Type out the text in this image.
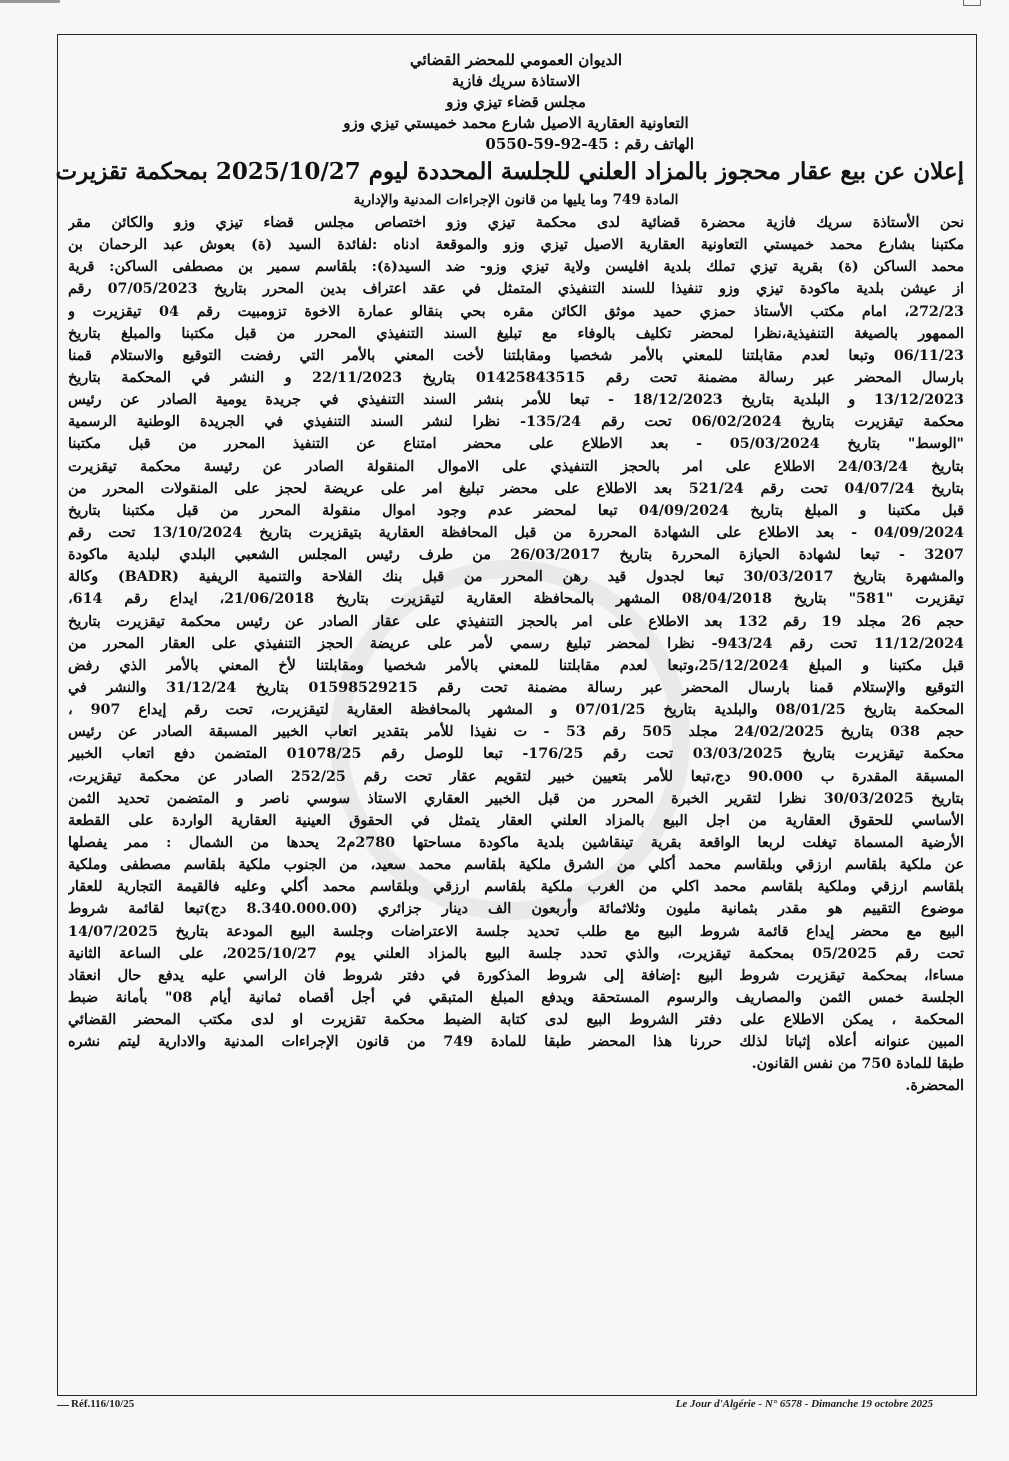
الديوان العمومي للمحضر القضائي

الاستاذة سريك فازية

مجلس قضاء تيزي وزو

التعاونية العقارية الاصيل شارع محمد خميستي تيزي وزو

الهاتف رقم : 45-92-59-0550
إعلان عن بيع عقار محجوز بالمزاد العلني للجلسة المحددة ليوم 2025/10/27 بمحكمة تقزيرت
المادة 749 وما يليها من قانون الإجراءات المدنية والإدارية
نحن الأستاذة سريك فازية محضرة قضائية لدى محكمة تيزي وزو اختصاص مجلس قضاء تيزي وزو والكائن مقر
مكتبنا بشارع محمد خميستي التعاونية العقارية الاصيل تيزي وزو والموقعة ادناه :لفائدة السيد (ة) بعوش عبد الرحمان بن
محمد الساكن (ة) بقرية تيزي تملك بلدية افليسن ولاية تيزي وزو- ضد السيد(ة): بلقاسم سمير بن مصطفى الساكن: قرية
از عيشن بلدية ماكودة تيزي وزو تنفيذا للسند التنفيذي المتمثل في عقد اعتراف بدين المحرر بتاريخ 07/05/2023 رقم
272/23، امام مكتب الأستاذ حمزي حميد موثق الكائن مقره بحي بنقالو عمارة الاخوة تزومبيت رقم 04 تيقزيرت و
الممهور بالصيغة التنفيذية،نظرا لمحضر تكليف بالوفاء مع تبليغ السند التنفيذي المحرر من قبل مكتبنا والمبلغ بتاريخ
06/11/23 وتبعا لعدم مقابلتنا للمعني بالأمر شخصيا ومقابلتنا لأخت المعني بالأمر التي رفضت التوقيع والاستلام قمنا
بارسال المحضر عبر رسالة مضمنة تحت رقم 01425843515 بتاريخ 22/11/2023 و النشر في المحكمة بتاريخ
13/12/2023 و البلدية بتاريخ 18/12/2023 - تبعا للأمر بنشر السند التنفيذي في جريدة يومية الصادر عن رئيس
محكمة تيقزيرت بتاريخ 06/02/2024 تحت رقم 135/24- نظرا لنشر السند التنفيذي في الجريدة الوطنية الرسمية
"الوسط" بتاريخ 05/03/2024 - بعد الاطلاع على محضر امتناع عن التنفيذ المحرر من قبل مكتبنا
بتاريخ 24/03/24 الاطلاع على امر بالحجز التنفيذي على الاموال المنقولة الصادر عن رئيسة محكمة تيقزيرت
بتاريخ 04/07/24 تحت رقم 521/24 بعد الاطلاع على محضر تبليغ امر على عريضة لحجز على المنقولات المحرر من
قبل مكتبنا و المبلغ بتاريخ 04/09/2024 تبعا لمحضر عدم وجود اموال منقولة المحرر من قبل مكتبنا بتاريخ
04/09/2024 - بعد الاطلاع على الشهادة المحررة من قبل المحافظة العقارية بتيقزيرت بتاريخ 13/10/2024 تحت رقم
3207 - تبعا لشهادة الحيازة المحررة بتاريخ 26/03/2017 من طرف رئيس المجلس الشعبي البلدي لبلدية ماكودة
والمشهرة بتاريخ 30/03/2017 تبعا لجدول قيد رهن المحرر من قبل بنك الفلاحة والتنمية الريفية (BADR) وكالة
تيقزيرت "581" بتاريخ 08/04/2018 المشهر بالمحافظة العقارية لتيقزيرت بتاريخ 21/06/2018، ايداع رقم 614،
حجم 26 مجلد 19 رقم 132 بعد الاطلاع على امر بالحجز التنفيذي على عقار الصادر عن رئيس محكمة تيقزيرت بتاريخ
11/12/2024 تحت رقم 943/24- نظرا لمحضر تبليغ رسمي لأمر على عريضة الحجز التنفيذي على العقار المحرر من
قبل مكتبنا و المبلغ 25/12/2024،وتبعا لعدم مقابلتنا للمعني بالأمر شخصيا ومقابلتنا لأخ المعني بالأمر الذي رفض
التوقيع والإستلام قمنا بارسال المحضر عبر رسالة مضمنة تحت رقم 01598529215 بتاريخ 31/12/24 والنشر في
المحكمة بتاريخ 08/01/25 والبلدية بتاريخ 07/01/25 و المشهر بالمحافظة العقارية لتيقزيرت، تحت رقم إيداع 907 ،
حجم 038 بتاريخ 24/02/2025 مجلد 505 رقم 53 - ت نفيذا للأمر بتقدير اتعاب الخبير المسبقة الصادر عن رئيس
محكمة تيقزيرت بتاريخ 03/03/2025 تحت رقم 176/25- تبعا للوصل رقم 01078/25 المتضمن دفع اتعاب الخبير
المسبقة المقدرة ب 90.000 دج،تبعا للأمر بتعيين خبير لتقويم عقار تحت رقم 252/25 الصادر عن محكمة تيقزيرت،
بتاريخ 30/03/2025 نظرا لتقرير الخبرة المحرر من قبل الخبير العقاري الاستاذ سوسي ناصر و المتضمن تحديد الثمن
الأساسي للحقوق العقارية من اجل البيع بالمزاد العلني العقار يتمثل في الحقوق العينية العقارية الواردة على القطعة
الأرضية المسماة تيغلت لربعا الواقعة بقرية تينقاشين بلدية ماكودة مساحتها 2780م2 يحدها من الشمال : ممر يفصلها
عن ملكية بلقاسم ارزقي وبلقاسم محمد أكلي من الشرق ملكية بلقاسم محمد سعيد، من الجنوب ملكية بلقاسم مصطفى وملكية
بلقاسم ارزقي وملكية بلقاسم محمد اكلي من الغرب ملكية بلقاسم ارزقي وبلقاسم محمد أكلي وعليه فالقيمة التجارية للعقار
موضوع التقييم هو مقدر بثمانية مليون وثلاثمائة وأربعون الف دينار جزائري (8.340.000.00 دج)تبعا لقائمة شروط
البيع مع محضر إيداع قائمة شروط البيع مع طلب تحديد جلسة الاعتراضات وجلسة البيع المودعة بتاريخ 14/07/2025
تحت رقم 05/2025 بمحكمة تيقزيرت، والذي تحدد جلسة البيع بالمزاد العلني يوم 2025/10/27، على الساعة الثانية
مساءا، بمحكمة تيقزيرت شروط البيع :إضافة إلى شروط المذكورة في دفتر شروط فان الراسي عليه يدفع حال انعقاد
الجلسة خمس الثمن والمصاريف والرسوم المستحقة ويدفع المبلغ المتبقي في أجل أقصاه ثمانية أيام 08" بأمانة ضبط
المحكمة ، يمكن الاطلاع على دفتر الشروط البيع لدى كتابة الضبط محكمة تقزيرت او لدى مكتب المحضر القضائي
المبين عنوانه أعلاه إثباتا لذلك حررنا هذا المحضر طبقا للمادة 749 من قانون الإجراءات المدنية والادارية ليتم نشره
طبقا للمادة 750 من نفس القانون.
المحضرة.
Réf.116/10/25	Le Jour d'Algérie - N° 6578 - Dimanche 19 octobre 2025
